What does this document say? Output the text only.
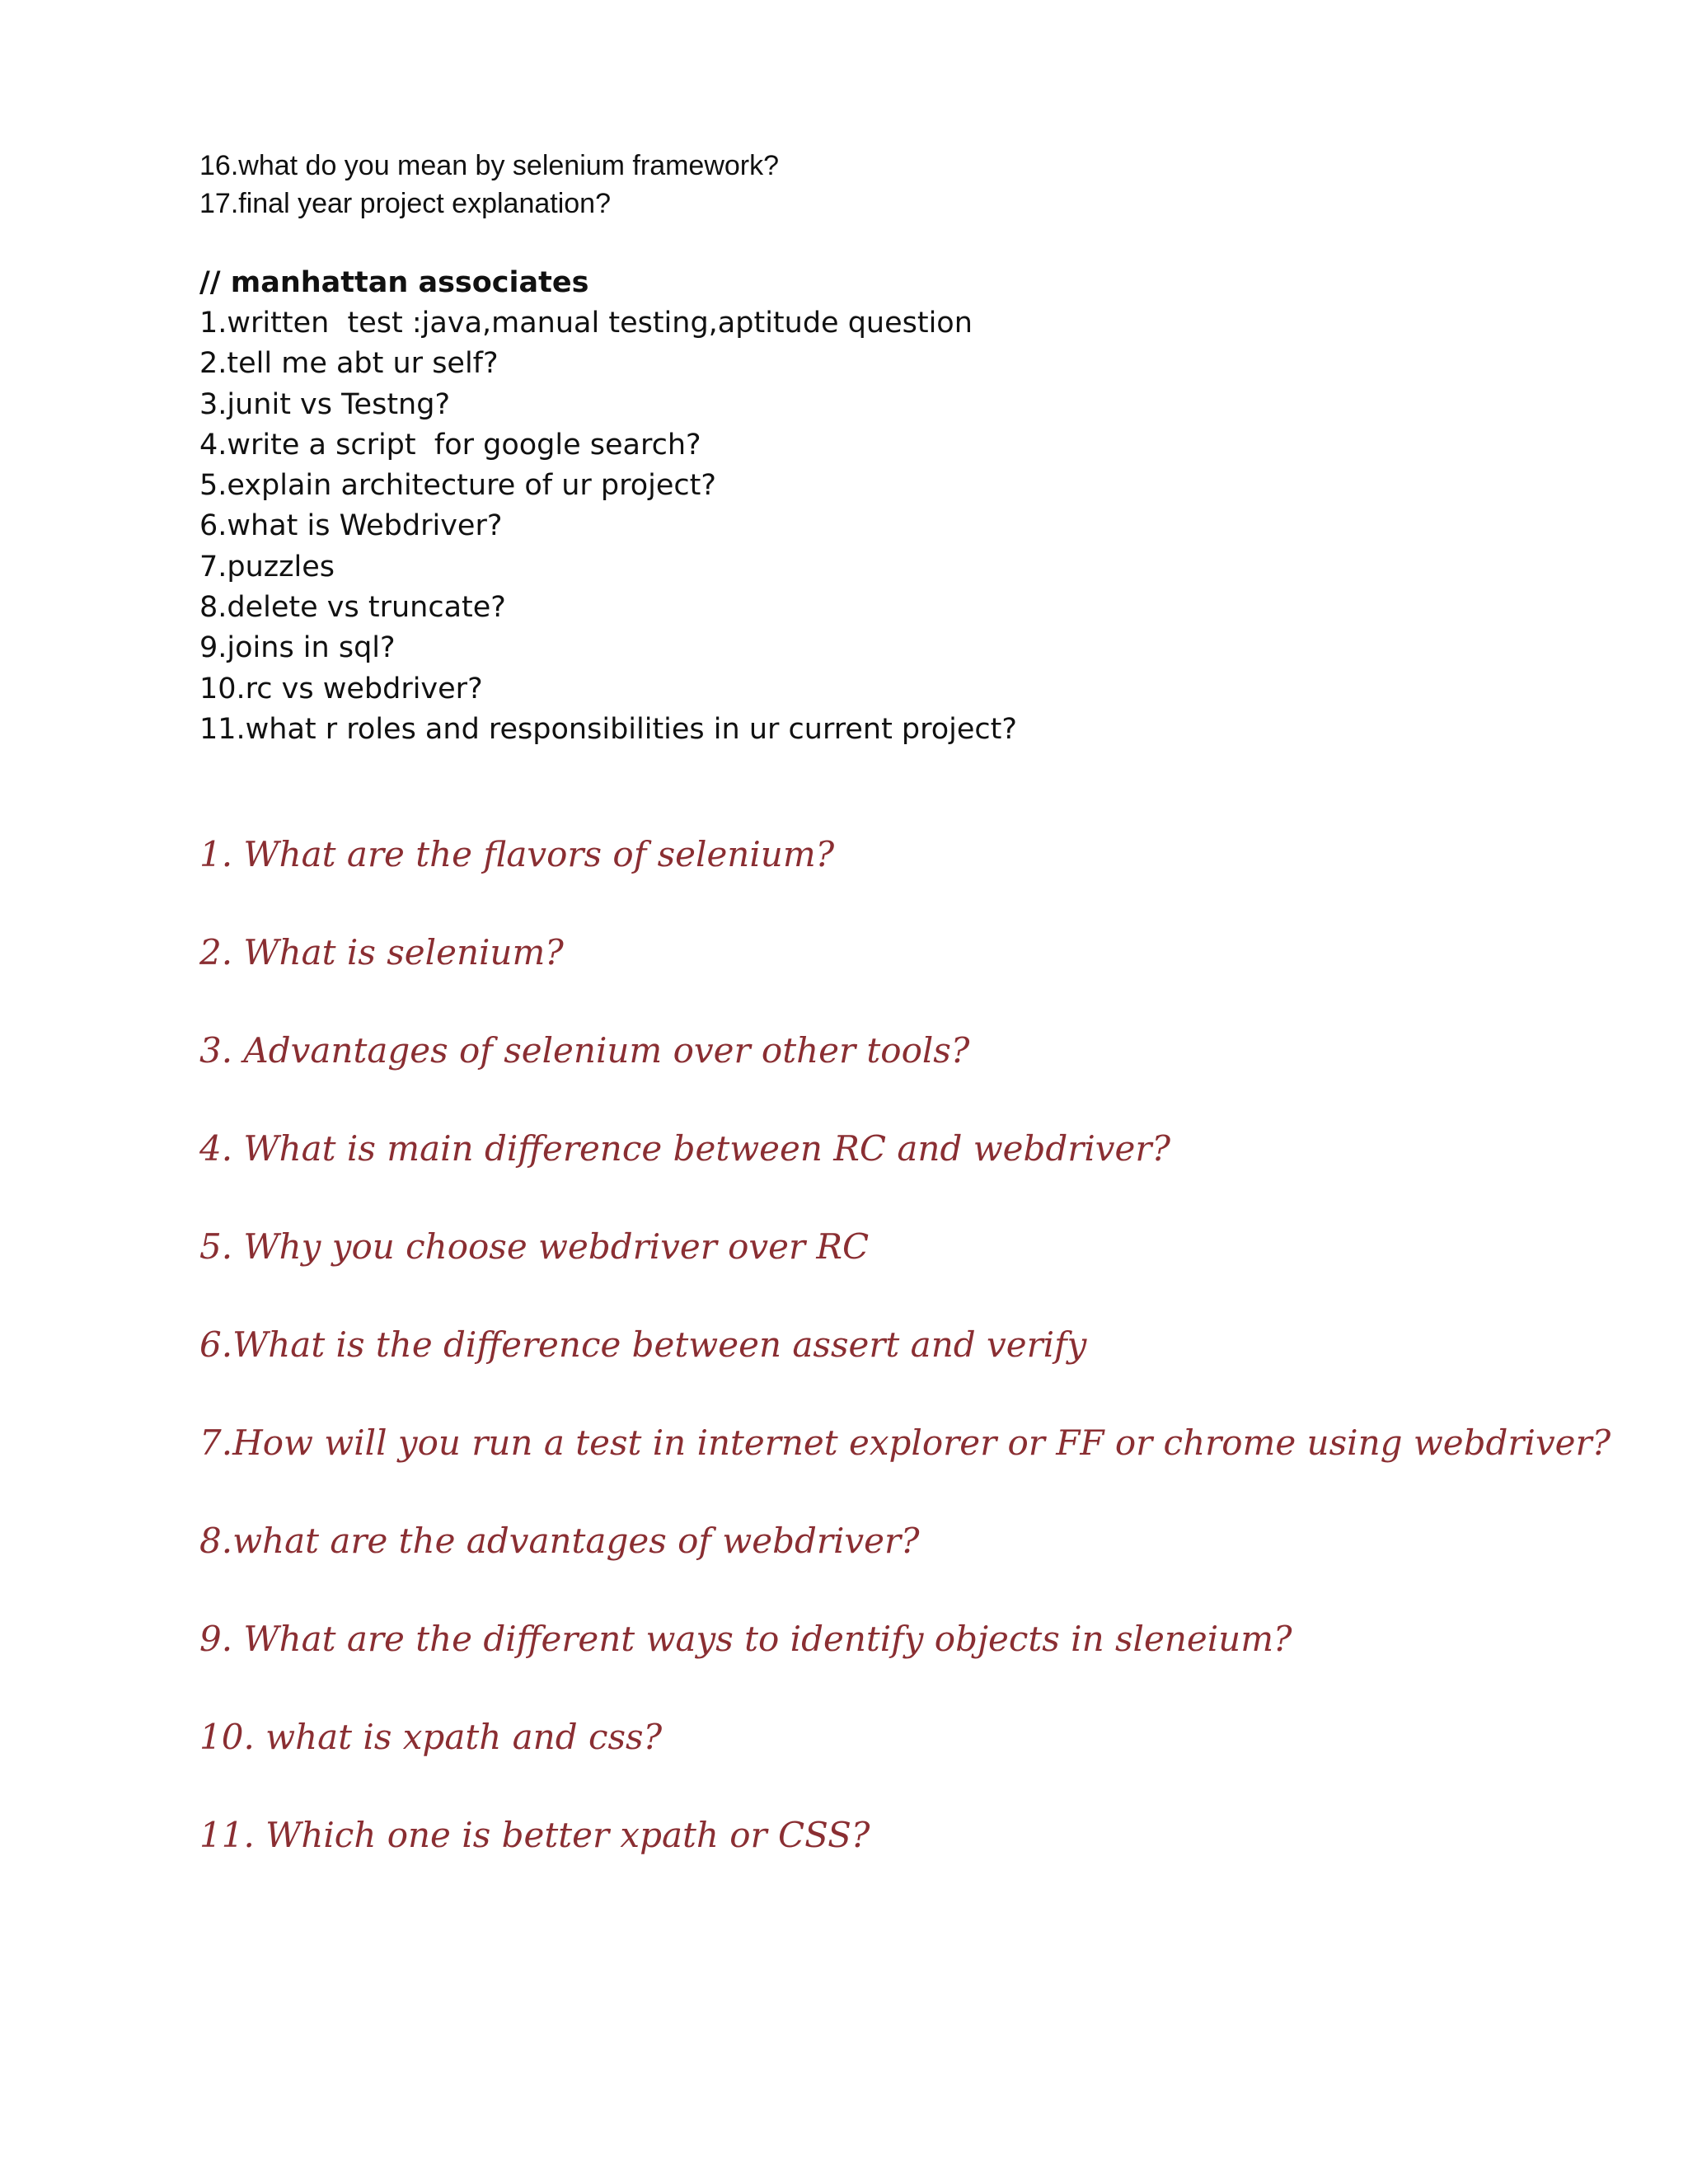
16.what do you mean by selenium framework?
17.final year project explanation?
// manhattan associates
1.written  test :java,manual testing,aptitude question
2.tell me abt ur self?
3.junit vs Testng?
4.write a script  for google search?
5.explain architecture of ur project?
6.what is Webdriver?
7.puzzles
8.delete vs truncate?
9.joins in sql?
10.rc vs webdriver?
11.what r roles and responsibilities in ur current project?

1. What are the flavors of selenium?

2. What is selenium?

3. Advantages of selenium over other tools?

4. What is main difference between RC and webdriver?

5. Why you choose webdriver over RC

6.What is the difference between assert and verify

7.How will you run a test in internet explorer or FF or chrome using webdriver?

8.what are the advantages of webdriver?

9. What are the different ways to identify objects in sleneium?

10. what is xpath and css?

11. Which one is better xpath or CSS?
